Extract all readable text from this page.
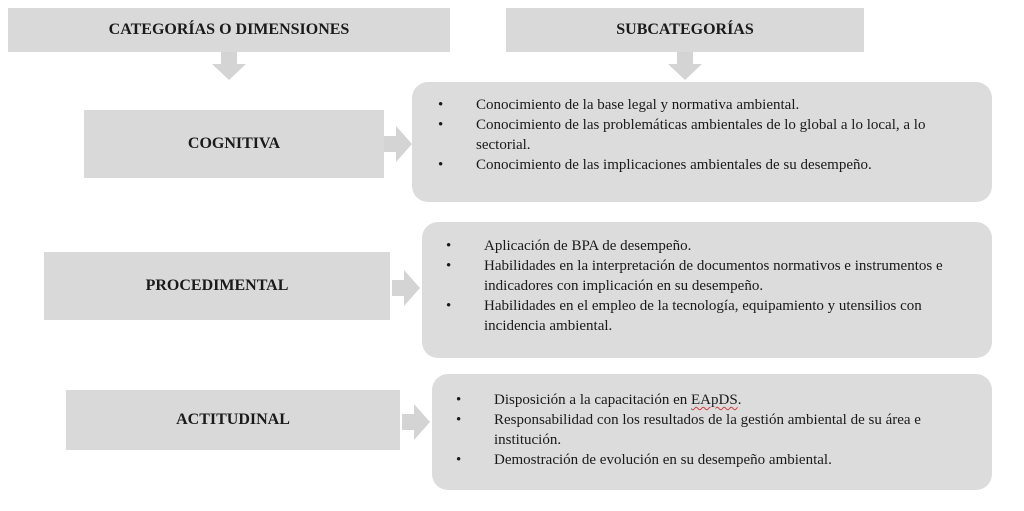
CATEGORÍAS O DIMENSIONES	SUBCATEGORÍAS
COGNITIVA
• Conocimiento de la base legal y normativa ambiental.
• Conocimiento de las problemáticas ambientales de lo global a lo local, a lo sectorial.
• Conocimiento de las implicaciones ambientales de su desempeño.
PROCEDIMENTAL
• Aplicación de BPA de desempeño.
• Habilidades en la interpretación de documentos normativos e instrumentos e indicadores con implicación en su desempeño.
• Habilidades en el empleo de la tecnología, equipamiento y utensilios con incidencia ambiental.
ACTITUDINAL
• Disposición a la capacitación en EApDS.
• Responsabilidad con los resultados de la gestión ambiental de su área e institución.
• Demostración de evolución en su desempeño ambiental.
